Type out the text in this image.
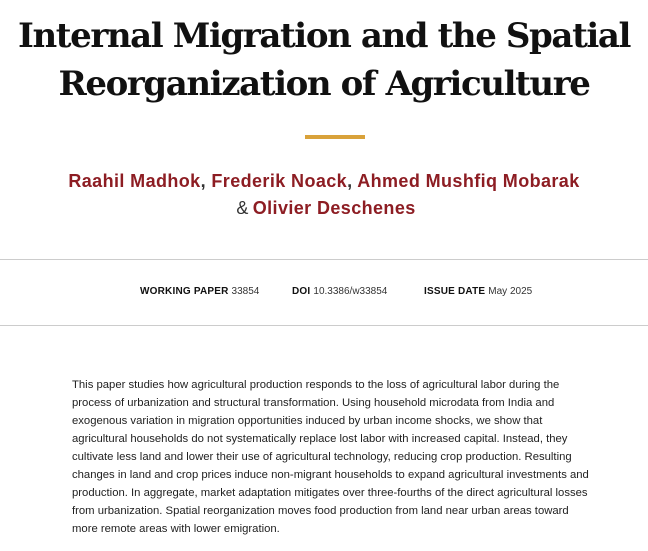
Internal Migration and the Spatial
Reorganization of Agriculture
Raahil Madhok, Frederik Noack, Ahmed Mushfiq Mobarak
& Olivier Deschenes
WORKING PAPER 33854	DOI 10.3386/w33854	ISSUE DATE May 2025

This paper studies how agricultural production responds to the loss of agricultural labor during the process of urbanization and structural transformation. Using household microdata from India and exogenous variation in migration opportunities induced by urban income shocks, we show that agricultural households do not systematically replace lost labor with increased capital. Instead, they cultivate less land and lower their use of agricultural technology, reducing crop production. Resulting changes in land and crop prices induce non-migrant households to expand agricultural investments and production. In aggregate, market adaptation mitigates over three-fourths of the direct agricultural losses from urbanization. Spatial reorganization moves food production from land near urban areas toward more remote areas with lower emigration.
